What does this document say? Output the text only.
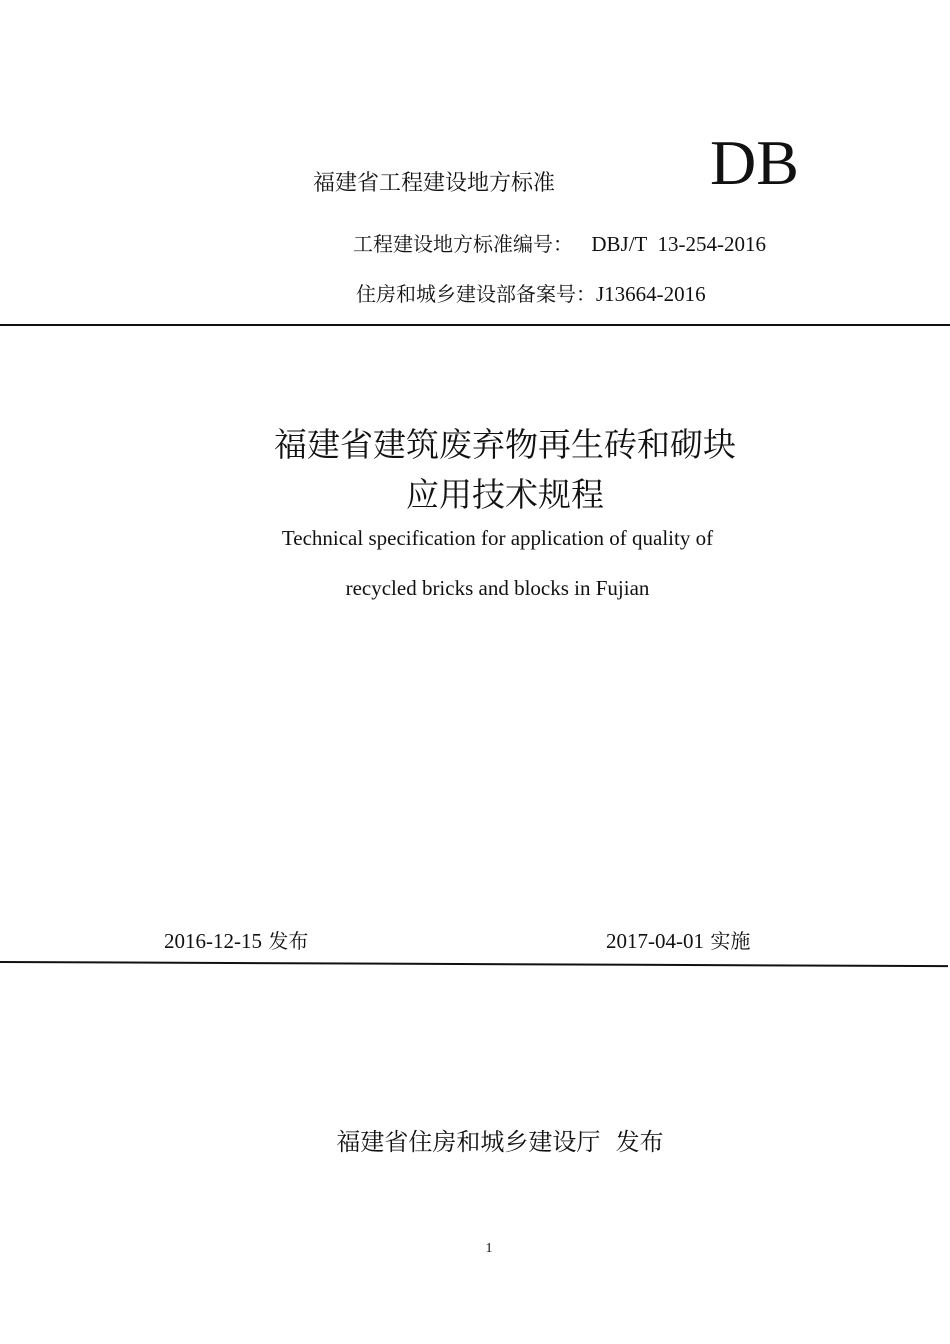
福建省工程建设地方标准 DB
工程建设地方标准编号： DBJ/T  13-254-2016
住房和城乡建设部备案号：J13664-2016
福建省建筑废弃物再生砖和砌块
应用技术规程
Technical specification for application of quality of
recycled bricks and blocks in Fujian
2016-12-15 发布	2017-04-01 实施
福建省住房和城乡建设厅  发布
1
